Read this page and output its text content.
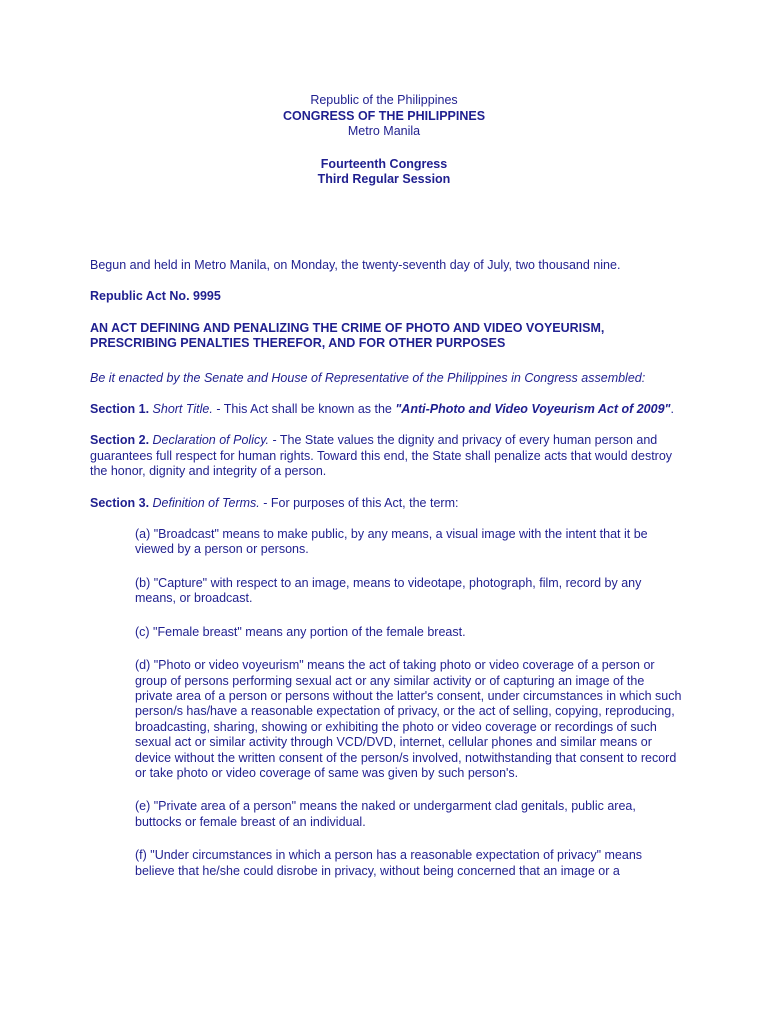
Republic of the Philippines
CONGRESS OF THE PHILIPPINES
Metro Manila
Fourteenth Congress
Third Regular Session

Begun and held in Metro Manila, on Monday, the twenty-seventh day of July, two thousand nine.

Republic Act No. 9995

AN ACT DEFINING AND PENALIZING THE CRIME OF PHOTO AND VIDEO VOYEURISM, PRESCRIBING PENALTIES THEREFOR, AND FOR OTHER PURPOSES

Be it enacted by the Senate and House of Representative of the Philippines in Congress assembled:

Section 1. Short Title. - This Act shall be known as the "Anti-Photo and Video Voyeurism Act of 2009".

Section 2. Declaration of Policy. - The State values the dignity and privacy of every human person and guarantees full respect for human rights. Toward this end, the State shall penalize acts that would destroy the honor, dignity and integrity of a person.

Section 3. Definition of Terms. - For purposes of this Act, the term:

(a) "Broadcast" means to make public, by any means, a visual image with the intent that it be viewed by a person or persons.

(b) "Capture" with respect to an image, means to videotape, photograph, film, record by any means, or broadcast.

(c) "Female breast" means any portion of the female breast.

(d) "Photo or video voyeurism" means the act of taking photo or video coverage of a person or group of persons performing sexual act or any similar activity or of capturing an image of the private area of a person or persons without the latter's consent, under circumstances in which such person/s has/have a reasonable expectation of privacy, or the act of selling, copying, reproducing, broadcasting, sharing, showing or exhibiting the photo or video coverage or recordings of such sexual act or similar activity through VCD/DVD, internet, cellular phones and similar means or device without the written consent of the person/s involved, notwithstanding that consent to record or take photo or video coverage of same was given by such person's.

(e) "Private area of a person" means the naked or undergarment clad genitals, public area, buttocks or female breast of an individual.

(f) "Under circumstances in which a person has a reasonable expectation of privacy" means believe that he/she could disrobe in privacy, without being concerned that an image or a
